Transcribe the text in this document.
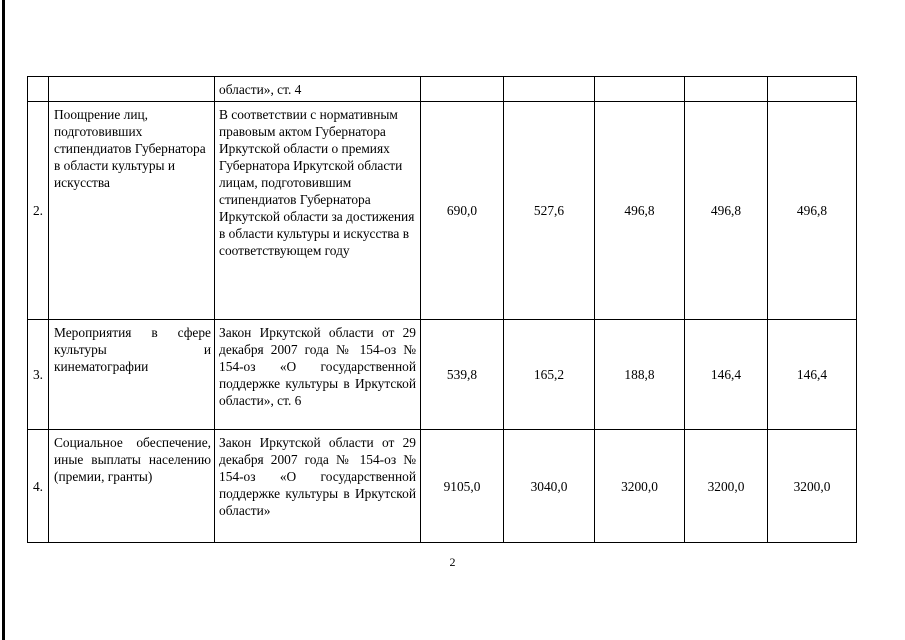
		области», ст. 4					
2.	Поощрение лиц, подготовивших стипендиатов Губернатора в области культуры и искусства	В соответствии с нормативным правовым актом Губернатора Иркутской области о премиях Губернатора Иркутской области лицам, подготовившим стипендиатов Губернатора Иркутской области за достижения в области культуры и искусства в соответствующем году	690,0	527,6	496,8	496,8	496,8
3.	Мероприятия в сфере культуры и кинематографии	Закон Иркутской области от 29 декабря 2007 года № 154-оз № 154-оз «О государственной поддержке культуры в Иркутской области», ст. 6	539,8	165,2	188,8	146,4	146,4
4.	Социальное обеспечение, иные выплаты населению (премии, гранты)	Закон Иркутской области от 29 декабря 2007 года № 154-оз № 154-оз «О государственной поддержке культуры в Иркутской области»	9105,0	3040,0	3200,0	3200,0	3200,0
2
